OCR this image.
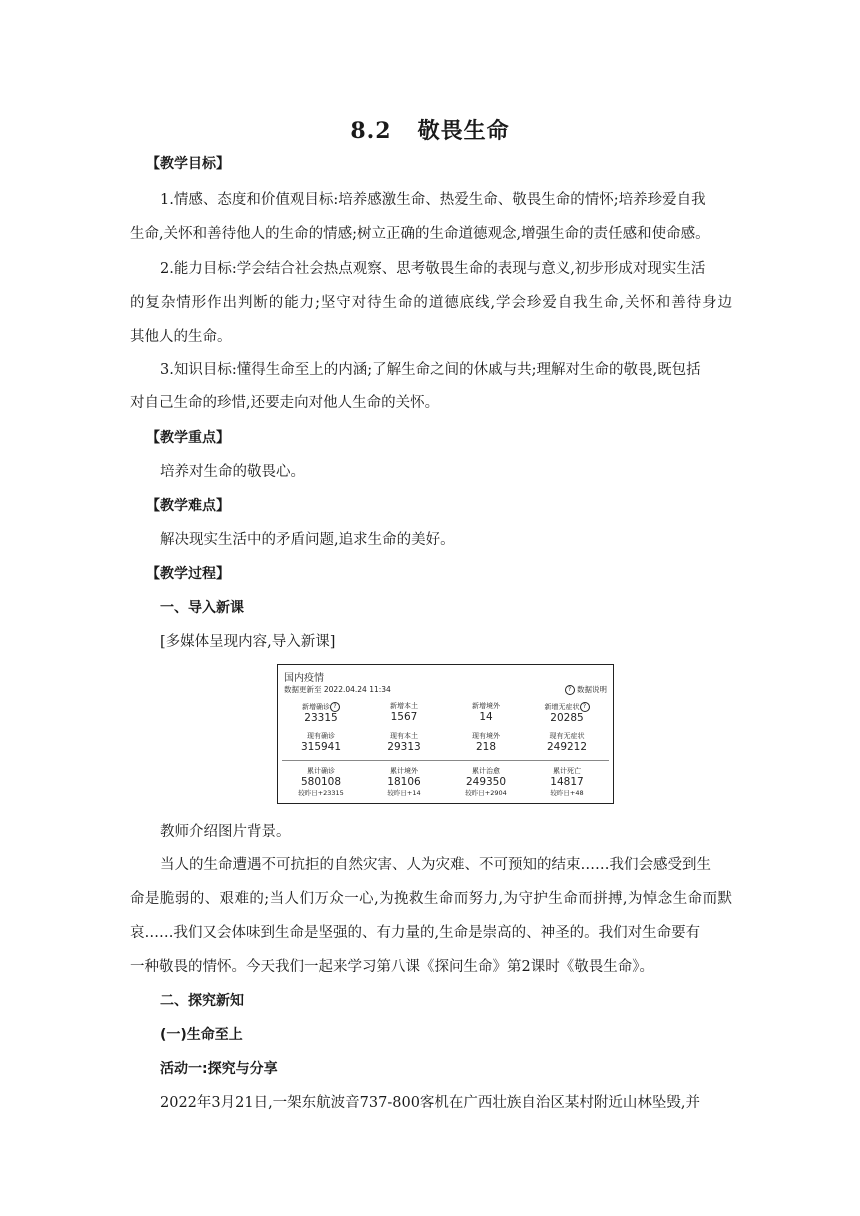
8.2 敬畏生命
【教学目标】
1.情感、态度和价值观目标:培养感激生命、热爱生命、敬畏生命的情怀;培养珍爱自我
生命,关怀和善待他人的生命的情感;树立正确的生命道德观念,增强生命的责任感和使命感。
2.能力目标:学会结合社会热点观察、思考敬畏生命的表现与意义,初步形成对现实生活
的复杂情形作出判断的能力;坚守对待生命的道德底线,学会珍爱自我生命,关怀和善待身边
其他人的生命。
3.知识目标:懂得生命至上的内涵;了解生命之间的休戚与共;理解对生命的敬畏,既包括
对自己生命的珍惜,还要走向对他人生命的关怀。
【教学重点】
培养对生命的敬畏心。
【教学难点】
解决现实生活中的矛盾问题,追求生命的美好。
【教学过程】
一、导入新课
[多媒体呈现内容,导入新课]
国内疫情
数据更新至 2022.04.24 11:34	? 数据说明
新增确诊 ?
23315
新增本土
1567
新增境外
14
新增无症状 ?
20285
现有确诊
315941
现有本土
29313
现有境外
218
现有无症状
249212
累计确诊
580108
较昨日+23315
累计境外
18106
较昨日+14
累计治愈
249350
较昨日+2904
累计死亡
14817
较昨日+48
教师介绍图片背景。
当人的生命遭遇不可抗拒的自然灾害、人为灾难、不可预知的结束……我们会感受到生
命是脆弱的、艰难的;当人们万众一心,为挽救生命而努力,为守护生命而拼搏,为悼念生命而默
哀……我们又会体味到生命是坚强的、有力量的,生命是崇高的、神圣的。我们对生命要有
一种敬畏的情怀。今天我们一起来学习第八课《探问生命》第2课时《敬畏生命》。
二、探究新知
(一)生命至上
活动一:探究与分享
2022年3月21日,一架东航波音737-800客机在广西壮族自治区某村附近山林坠毁,并
